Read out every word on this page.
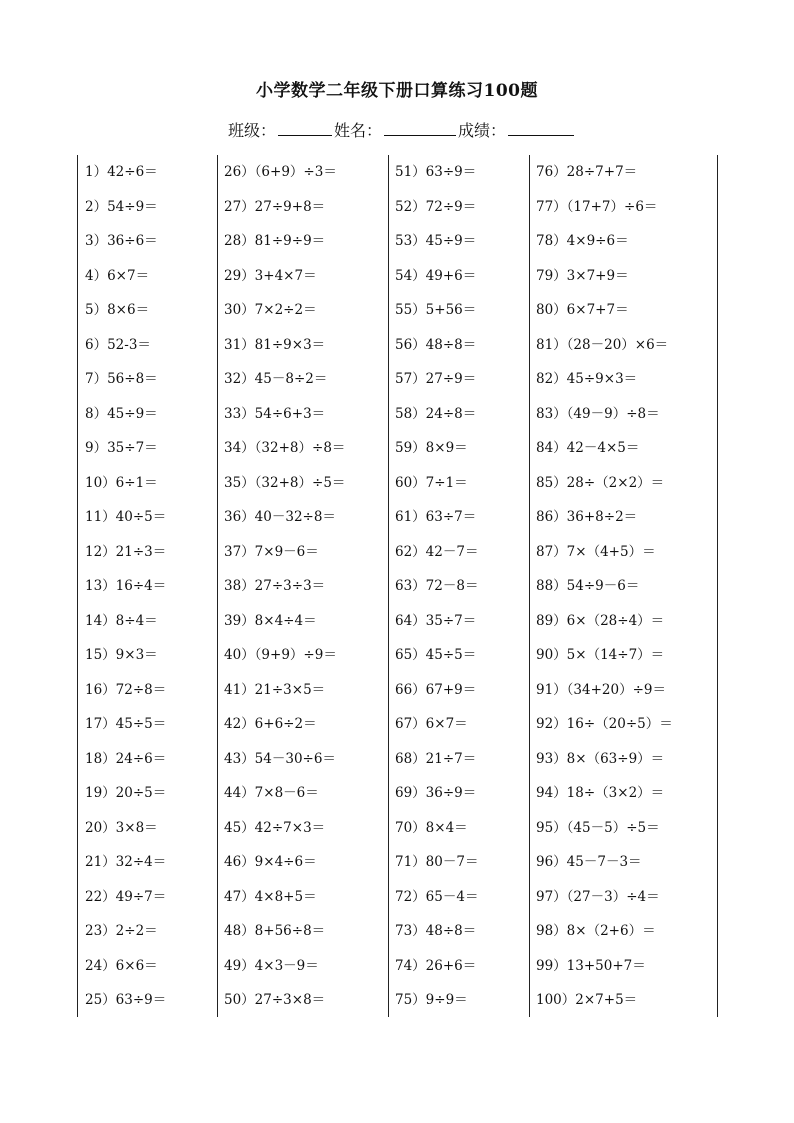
小学数学二年级下册口算练习100题
班级：	姓名：	成绩：
1）42÷6＝
2）54÷9＝
3）36÷6＝
4）6×7＝
5）8×6＝
6）52-3＝
7）56÷8＝
8）45÷9＝
9）35÷7＝
10）6÷1＝
11）40÷5＝
12）21÷3＝
13）16÷4＝
14）8÷4＝
15）9×3＝
16）72÷8＝
17）45÷5＝
18）24÷6＝
19）20÷5＝
20）3×8＝
21）32÷4＝
22）49÷7＝
23）2÷2＝
24）6×6＝
25）63÷9＝
26）（6+9）÷3＝
27）27÷9+8＝
28）81÷9÷9＝
29）3+4×7＝
30）7×2÷2＝
31）81÷9×3＝
32）45－8÷2＝
33）54÷6+3＝
34）（32+8）÷8＝
35）（32+8）÷5＝
36）40－32÷8＝
37）7×9－6＝
38）27÷3÷3＝
39）8×4÷4＝
40）（9+9）÷9＝
41）21÷3×5＝
42）6+6÷2＝
43）54－30÷6＝
44）7×8－6＝
45）42÷7×3＝
46）9×4÷6＝
47）4×8+5＝
48）8+56÷8＝
49）4×3－9＝
50）27÷3×8＝
51）63÷9＝
52）72÷9＝
53）45÷9＝
54）49+6＝
55）5+56＝
56）48÷8＝
57）27÷9＝
58）24÷8＝
59）8×9＝
60）7÷1＝
61）63÷7＝
62）42－7＝
63）72－8＝
64）35÷7＝
65）45÷5＝
66）67+9＝
67）6×7＝
68）21÷7＝
69）36÷9＝
70）8×4＝
71）80－7＝
72）65－4＝
73）48÷8＝
74）26+6＝
75）9÷9＝
76）28÷7+7＝
77）（17+7）÷6＝
78）4×9÷6＝
79）3×7+9＝
80）6×7+7＝
81）（28－20）×6＝
82）45÷9×3＝
83）（49－9）÷8＝
84）42－4×5＝
85）28÷（2×2）＝
86）36+8÷2＝
87）7×（4+5）＝
88）54÷9－6＝
89）6×（28÷4）＝
90）5×（14÷7）＝
91）（34+20）÷9＝
92）16÷（20÷5）＝
93）8×（63÷9）＝
94）18÷（3×2）＝
95）（45－5）÷5＝
96）45－7－3＝
97）（27－3）÷4＝
98）8×（2+6）＝
99）13+50+7＝
100）2×7+5＝
